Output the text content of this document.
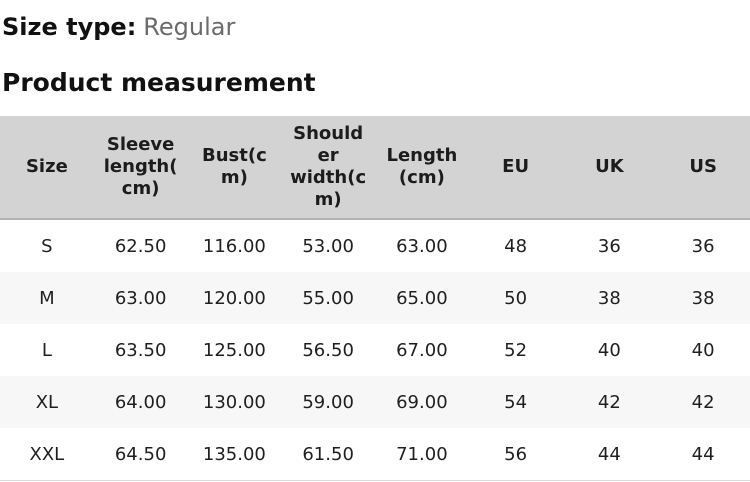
Size type: Regular
Product measurement
Size	Sleeve length(cm)	Bust(cm)	Shoulder width(cm)	Length(cm)	EU	UK	US
S	62.50	116.00	53.00	63.00	48	36	36
M	63.00	120.00	55.00	65.00	50	38	38
L	63.50	125.00	56.50	67.00	52	40	40
XL	64.00	130.00	59.00	69.00	54	42	42
XXL	64.50	135.00	61.50	71.00	56	44	44
